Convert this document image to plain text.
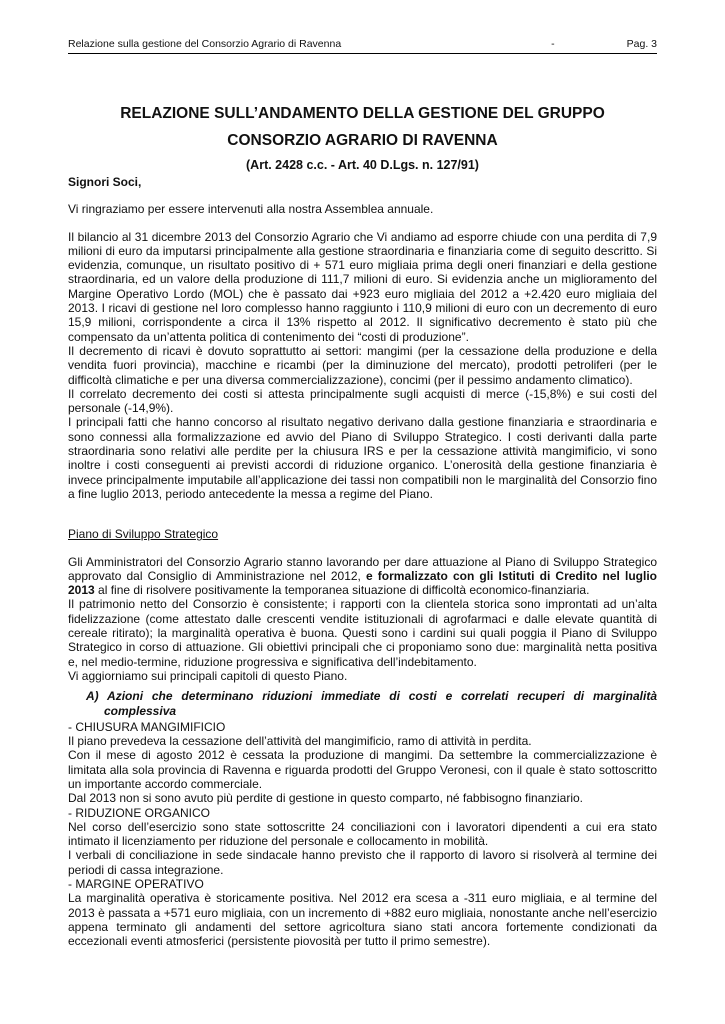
Relazione sulla gestione del Consorzio Agrario di Ravenna	-	Pag. 3
RELAZIONE SULL’ANDAMENTO DELLA GESTIONE DEL GRUPPO
CONSORZIO AGRARIO DI RAVENNA

(Art. 2428 c.c. - Art. 40 D.Lgs. n. 127/91)

Signori Soci,

Vi ringraziamo per essere intervenuti alla nostra Assemblea annuale.

Il bilancio al 31 dicembre 2013 del Consorzio Agrario che Vi andiamo ad esporre chiude con una perdita di 7,9 milioni di euro da imputarsi principalmente alla gestione straordinaria e finanziaria come di seguito descritto. Si evidenzia, comunque, un risultato positivo di + 571 euro migliaia prima degli oneri finanziari e della gestione straordinaria, ed un valore della produzione di 111,7 milioni di euro. Si evidenzia anche un miglioramento del Margine Operativo Lordo (MOL) che è passato dai +923 euro migliaia del 2012 a +2.420 euro migliaia del 2013. I ricavi di gestione nel loro complesso hanno raggiunto i 110,9 milioni di euro con un decremento di euro 15,9 milioni, corrispondente a circa il 13% rispetto al 2012. Il significativo decremento è stato più che compensato da un’attenta politica di contenimento dei “costi di produzione”.

Il decremento di ricavi è dovuto soprattutto ai settori: mangimi (per la cessazione della produzione e della vendita fuori provincia), macchine e ricambi (per la diminuzione del mercato), prodotti petroliferi (per le difficoltà climatiche e per una diversa commercializzazione), concimi (per il pessimo andamento climatico).

Il correlato decremento dei costi si attesta principalmente sugli acquisti di merce (-15,8%) e sui costi del personale (-14,9%).

I principali fatti che hanno concorso al risultato negativo derivano dalla gestione finanziaria e straordinaria e sono connessi alla formalizzazione ed avvio del Piano di Sviluppo Strategico. I costi derivanti dalla parte straordinaria sono relativi alle perdite per la chiusura IRS e per la cessazione attività mangimificio, vi sono inoltre i costi conseguenti ai previsti accordi di riduzione organico. L’onerosità della gestione finanziaria è invece principalmente imputabile all’applicazione dei tassi non compatibili non le marginalità del Consorzio fino a fine luglio 2013, periodo antecedente la messa a regime del Piano.

Piano di Sviluppo Strategico

Gli Amministratori del Consorzio Agrario stanno lavorando per dare attuazione al Piano di Sviluppo Strategico approvato dal Consiglio di Amministrazione nel 2012, e formalizzato con gli Istituti di Credito nel luglio 2013 al fine di risolvere positivamente la temporanea situazione di difficoltà economico-finanziaria.

Il patrimonio netto del Consorzio è consistente; i rapporti con la clientela storica sono improntati ad un’alta fidelizzazione (come attestato dalle crescenti vendite istituzionali di agrofarmaci e dalle elevate quantità di cereale ritirato); la marginalità operativa è buona. Questi sono i cardini sui quali poggia il Piano di Sviluppo Strategico in corso di attuazione. Gli obiettivi principali che ci proponiamo sono due: marginalità netta positiva e, nel medio-termine, riduzione progressiva e significativa dell’indebitamento.

Vi aggiorniamo sui principali capitoli di questo Piano.

A) Azioni che determinano riduzioni immediate di costi e correlati recuperi di marginalità complessiva

- CHIUSURA MANGIMIFICIO

Il piano prevedeva la cessazione dell’attività del mangimificio, ramo di attività in perdita.

Con il mese di agosto 2012 è cessata la produzione di mangimi. Da settembre la commercializzazione è limitata alla sola provincia di Ravenna e riguarda prodotti del Gruppo Veronesi, con il quale è stato sottoscritto un importante accordo commerciale.

Dal 2013 non si sono avuto più perdite di gestione in questo comparto, né fabbisogno finanziario.

- RIDUZIONE ORGANICO

Nel corso dell’esercizio sono state sottoscritte 24 conciliazioni con i lavoratori dipendenti a cui era stato intimato il licenziamento per riduzione del personale e collocamento in mobilità.

I verbali di conciliazione in sede sindacale hanno previsto che il rapporto di lavoro si risolverà al termine dei periodi di cassa integrazione.

- MARGINE OPERATIVO

La marginalità operativa è storicamente positiva. Nel 2012 era scesa a -311 euro migliaia, e al termine del 2013 è passata a +571 euro migliaia, con un incremento di +882 euro migliaia, nonostante anche nell’esercizio appena terminato gli andamenti del settore agricoltura siano stati ancora fortemente condizionati da eccezionali eventi atmosferici (persistente piovosità per tutto il primo semestre).
